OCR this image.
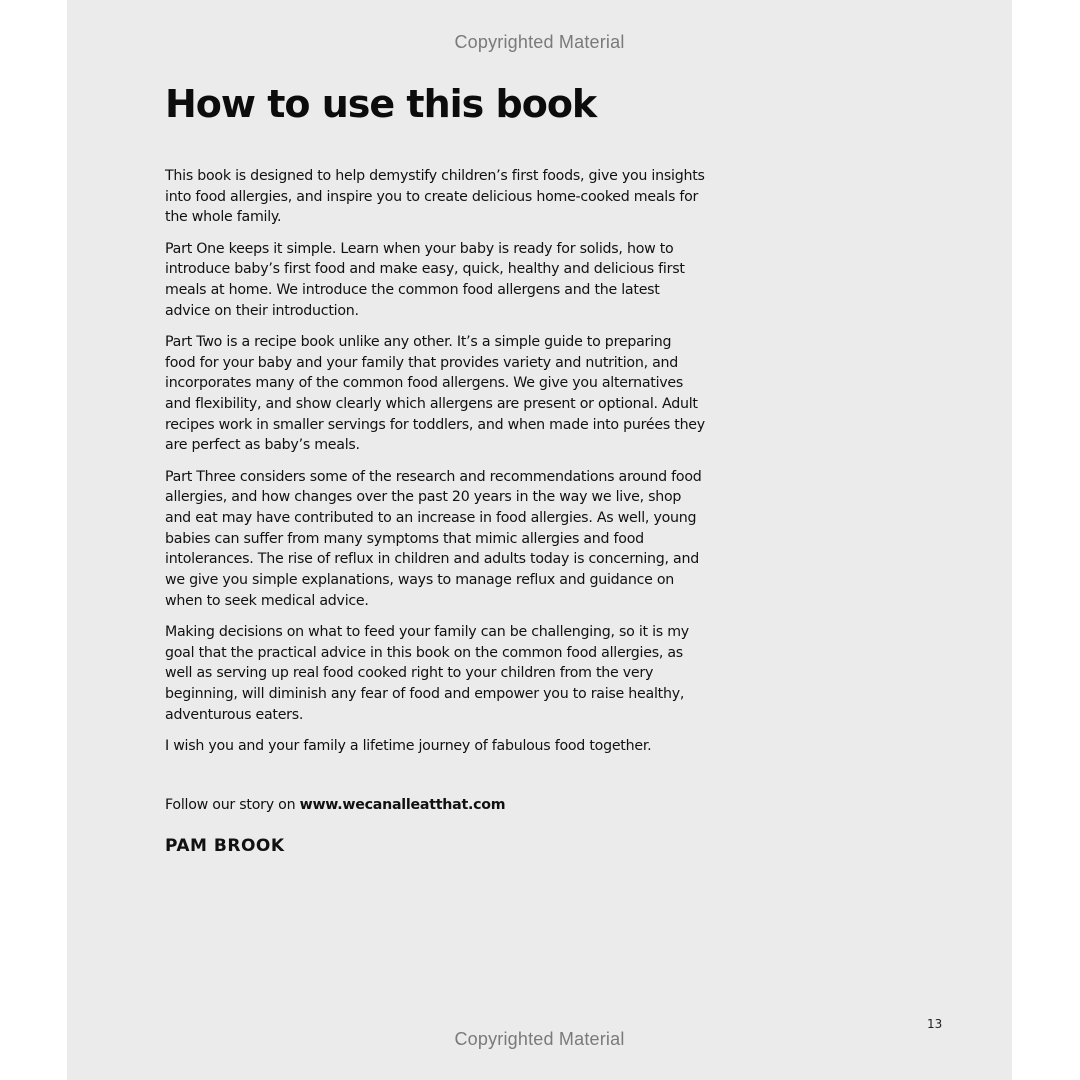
Copyrighted Material
How to use this book

This book is designed to help demystify children’s first foods, give you insights into food allergies, and inspire you to create delicious home-cooked meals for the whole family.

Part One keeps it simple. Learn when your baby is ready for solids, how to introduce baby’s first food and make easy, quick, healthy and delicious first meals at home. We introduce the common food allergens and the latest advice on their introduction.

Part Two is a recipe book unlike any other. It’s a simple guide to preparing food for your baby and your family that provides variety and nutrition, and incorporates many of the common food allergens. We give you alternatives and flexibility, and show clearly which allergens are present or optional. Adult recipes work in smaller servings for toddlers, and when made into purées they are perfect as baby’s meals.

Part Three considers some of the research and recommendations around food allergies, and how changes over the past 20 years in the way we live, shop and eat may have contributed to an increase in food allergies. As well, young babies can suffer from many symptoms that mimic allergies and food intolerances. The rise of reflux in children and adults today is concerning, and we give you simple explanations, ways to manage reflux and guidance on when to seek medical advice.

Making decisions on what to feed your family can be challenging, so it is my goal that the practical advice in this book on the common food allergies, as well as serving up real food cooked right to your children from the very beginning, will diminish any fear of food and empower you to raise healthy, adventurous eaters.

I wish you and your family a lifetime journey of fabulous food together.

Follow our story on www.wecanalleatthat.com
PAM BROOK
13
Copyrighted Material
